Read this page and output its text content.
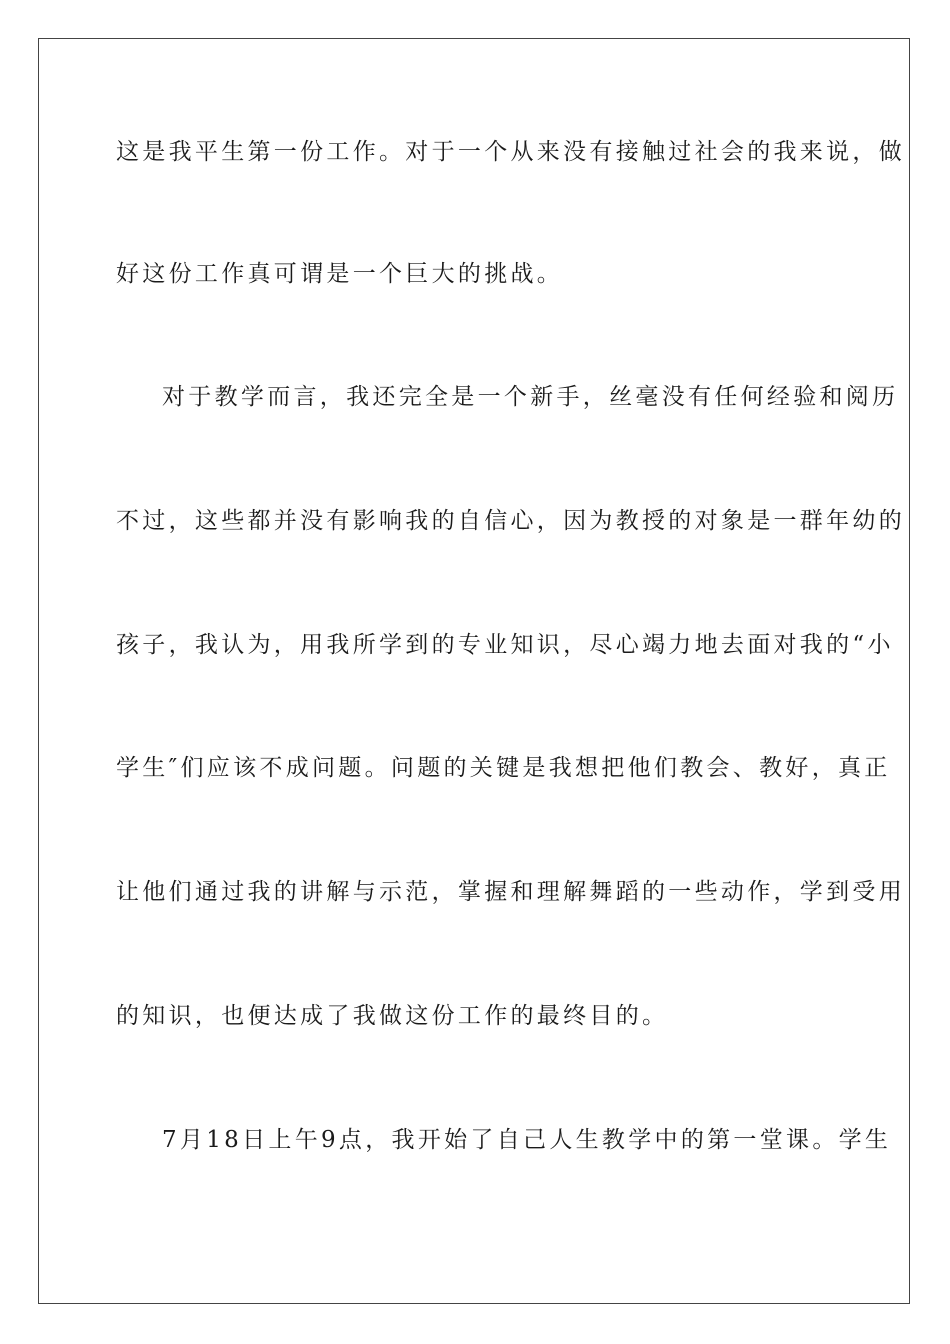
这是我平生第一份工作。对于一个从来没有接触过社会的我来说，做
好这份工作真可谓是一个巨大的挑战。
对于教学而言，我还完全是一个新手，丝毫没有任何经验和阅历
不过，这些都并没有影响我的自信心，因为教授的对象是一群年幼的
孩子，我认为，用我所学到的专业知识，尽心竭力地去面对我的“小
学生″们应该不成问题。问题的关键是我想把他们教会、教好，真正
让他们通过我的讲解与示范，掌握和理解舞蹈的一些动作，学到受用
的知识，也便达成了我做这份工作的最终目的。
7月18日上午9点，我开始了自己人生教学中的第一堂课。学生
